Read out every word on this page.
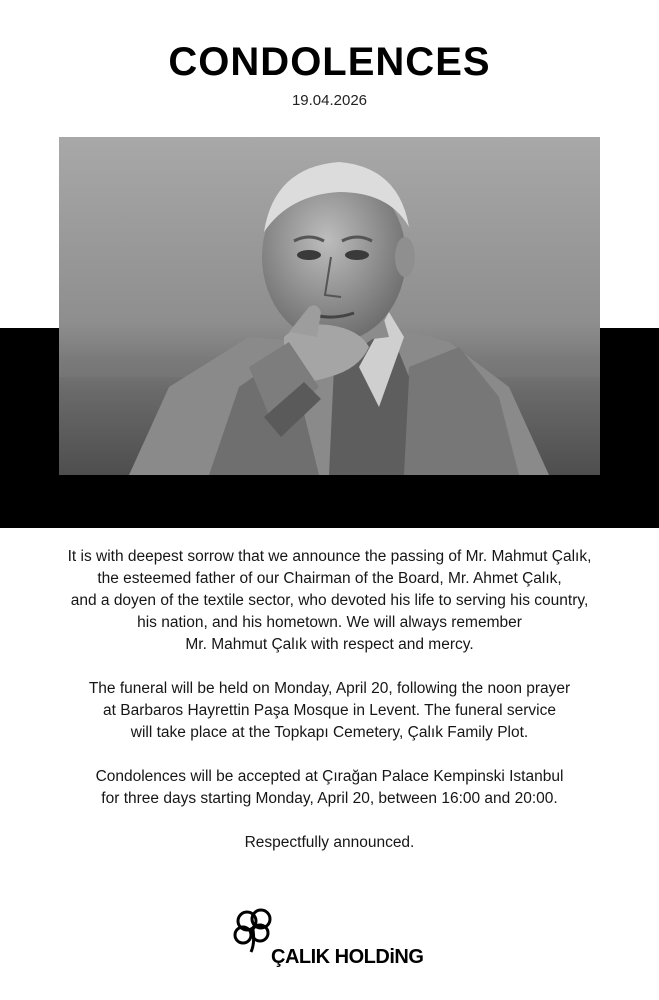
CONDOLENCES
19.04.2026
It is with deepest sorrow that we announce the passing of Mr. Mahmut Çalık,
the esteemed father of our Chairman of the Board, Mr. Ahmet Çalık,
and a doyen of the textile sector, who devoted his life to serving his country,
his nation, and his hometown. We will always remember
Mr. Mahmut Çalık with respect and mercy.
The funeral will be held on Monday, April 20, following the noon prayer
at Barbaros Hayrettin Paşa Mosque in Levent. The funeral service
will take place at the Topkapı Cemetery, Çalık Family Plot.
Condolences will be accepted at Çırağan Palace Kempinski Istanbul
for three days starting Monday, April 20, between 16:00 and 20:00.
Respectfully announced.
ÇALIK HOLDiNG
